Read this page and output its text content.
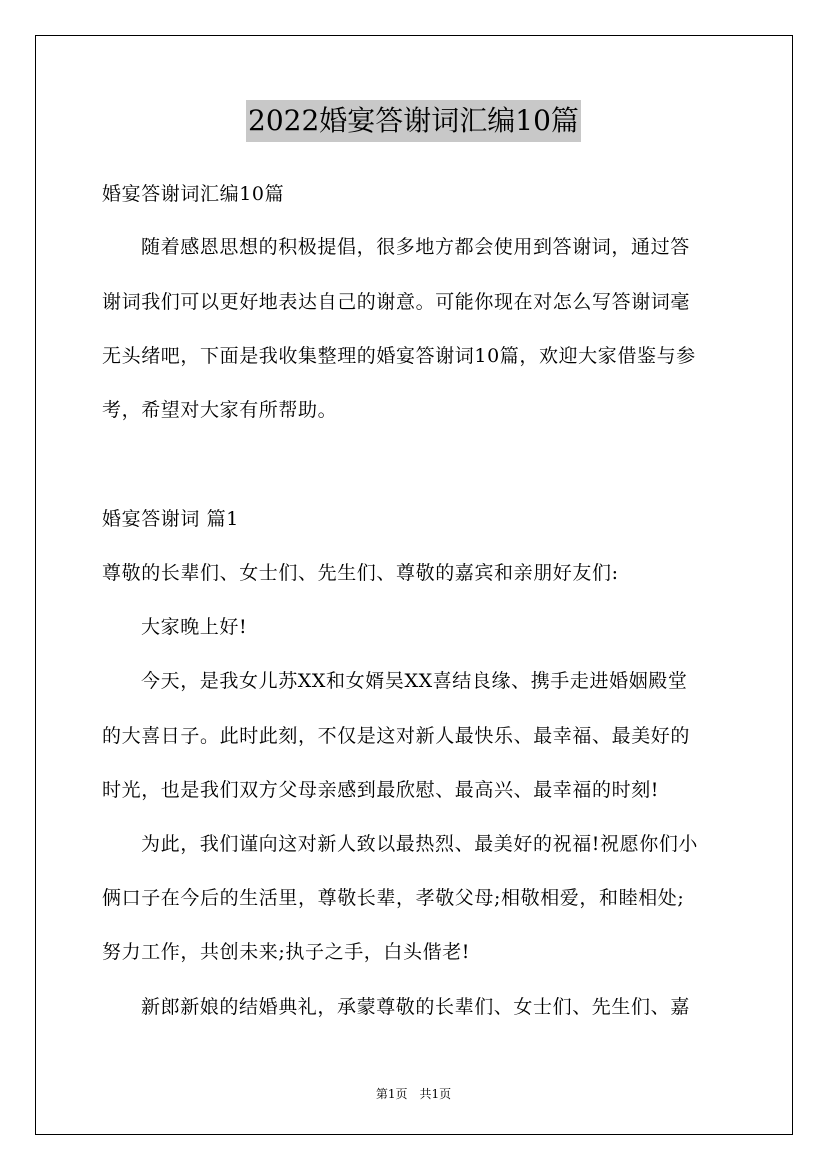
2022婚宴答谢词汇编10篇
婚宴答谢词汇编10篇
随着感恩思想的积极提倡，很多地方都会使用到答谢词，通过答
谢词我们可以更好地表达自己的谢意。可能你现在对怎么写答谢词毫
无头绪吧，下面是我收集整理的婚宴答谢词10篇，欢迎大家借鉴与参
考，希望对大家有所帮助。
婚宴答谢词 篇1
尊敬的长辈们、女士们、先生们、尊敬的嘉宾和亲朋好友们:
大家晚上好!
今天，是我女儿苏XX和女婿吴XX喜结良缘、携手走进婚姻殿堂
的大喜日子。此时此刻，不仅是这对新人最快乐、最幸福、最美好的
时光，也是我们双方父母亲感到最欣慰、最高兴、最幸福的时刻!
为此，我们谨向这对新人致以最热烈、最美好的祝福!祝愿你们小
俩口子在今后的生活里，尊敬长辈，孝敬父母;相敬相爱，和睦相处;
努力工作，共创未来;执子之手，白头偕老!
新郎新娘的结婚典礼，承蒙尊敬的长辈们、女士们、先生们、嘉
第1页　共1页
